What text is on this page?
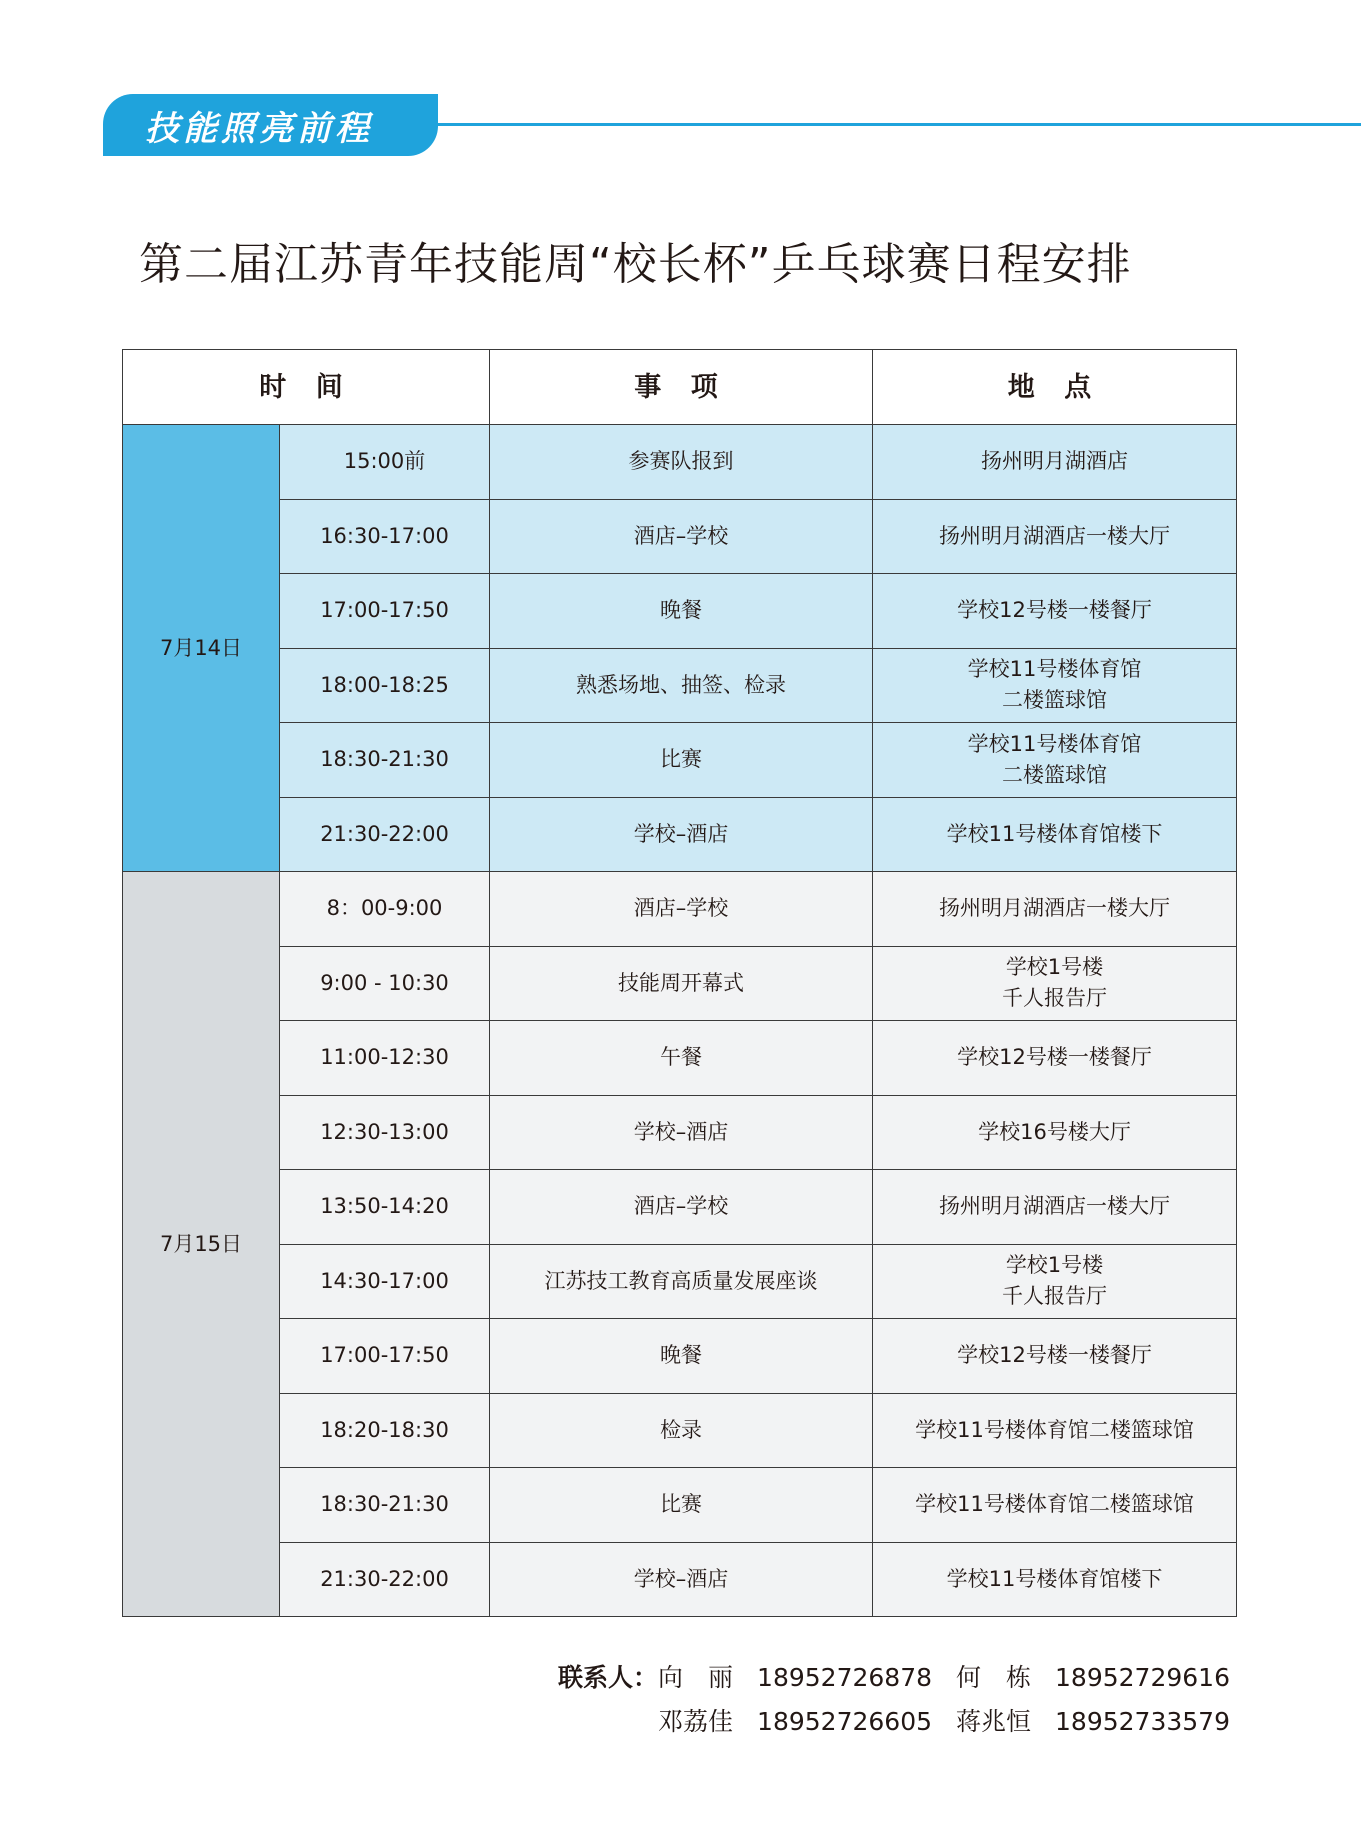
技能照亮前程
第二届江苏青年技能周“校长杯”乒乓球赛日程安排
时 间		事 项	地 点
7月14日	15:00前	参赛队报到	扬州明月湖酒店
	16:30-17:00	酒店–学校	扬州明月湖酒店一楼大厅
	17:00-17:50	晚餐	学校12号楼一楼餐厅
	18:00-18:25	熟悉场地、抽签、检录	学校11号楼体育馆
二楼篮球馆
	18:30-21:30	比赛	学校11号楼体育馆
二楼篮球馆
	21:30-22:00	学校–酒店	学校11号楼体育馆楼下
7月15日	8：00-9:00	酒店–学校	扬州明月湖酒店一楼大厅
	9:00 - 10:30	技能周开幕式	学校1号楼
千人报告厅
	11:00-12:30	午餐	学校12号楼一楼餐厅
	12:30-13:00	学校–酒店	学校16号楼大厅
	13:50-14:20	酒店–学校	扬州明月湖酒店一楼大厅
	14:30-17:00	江苏技工教育高质量发展座谈	学校1号楼
千人报告厅
	17:00-17:50	晚餐	学校12号楼一楼餐厅
	18:20-18:30	检录	学校11号楼体育馆二楼篮球馆
	18:30-21:30	比赛	学校11号楼体育馆二楼篮球馆
	21:30-22:00	学校–酒店	学校11号楼体育馆楼下
联系人：向　丽 18952726878 何　栋 18952729616
邓荔佳 18952726605 蒋兆恒 18952733579
